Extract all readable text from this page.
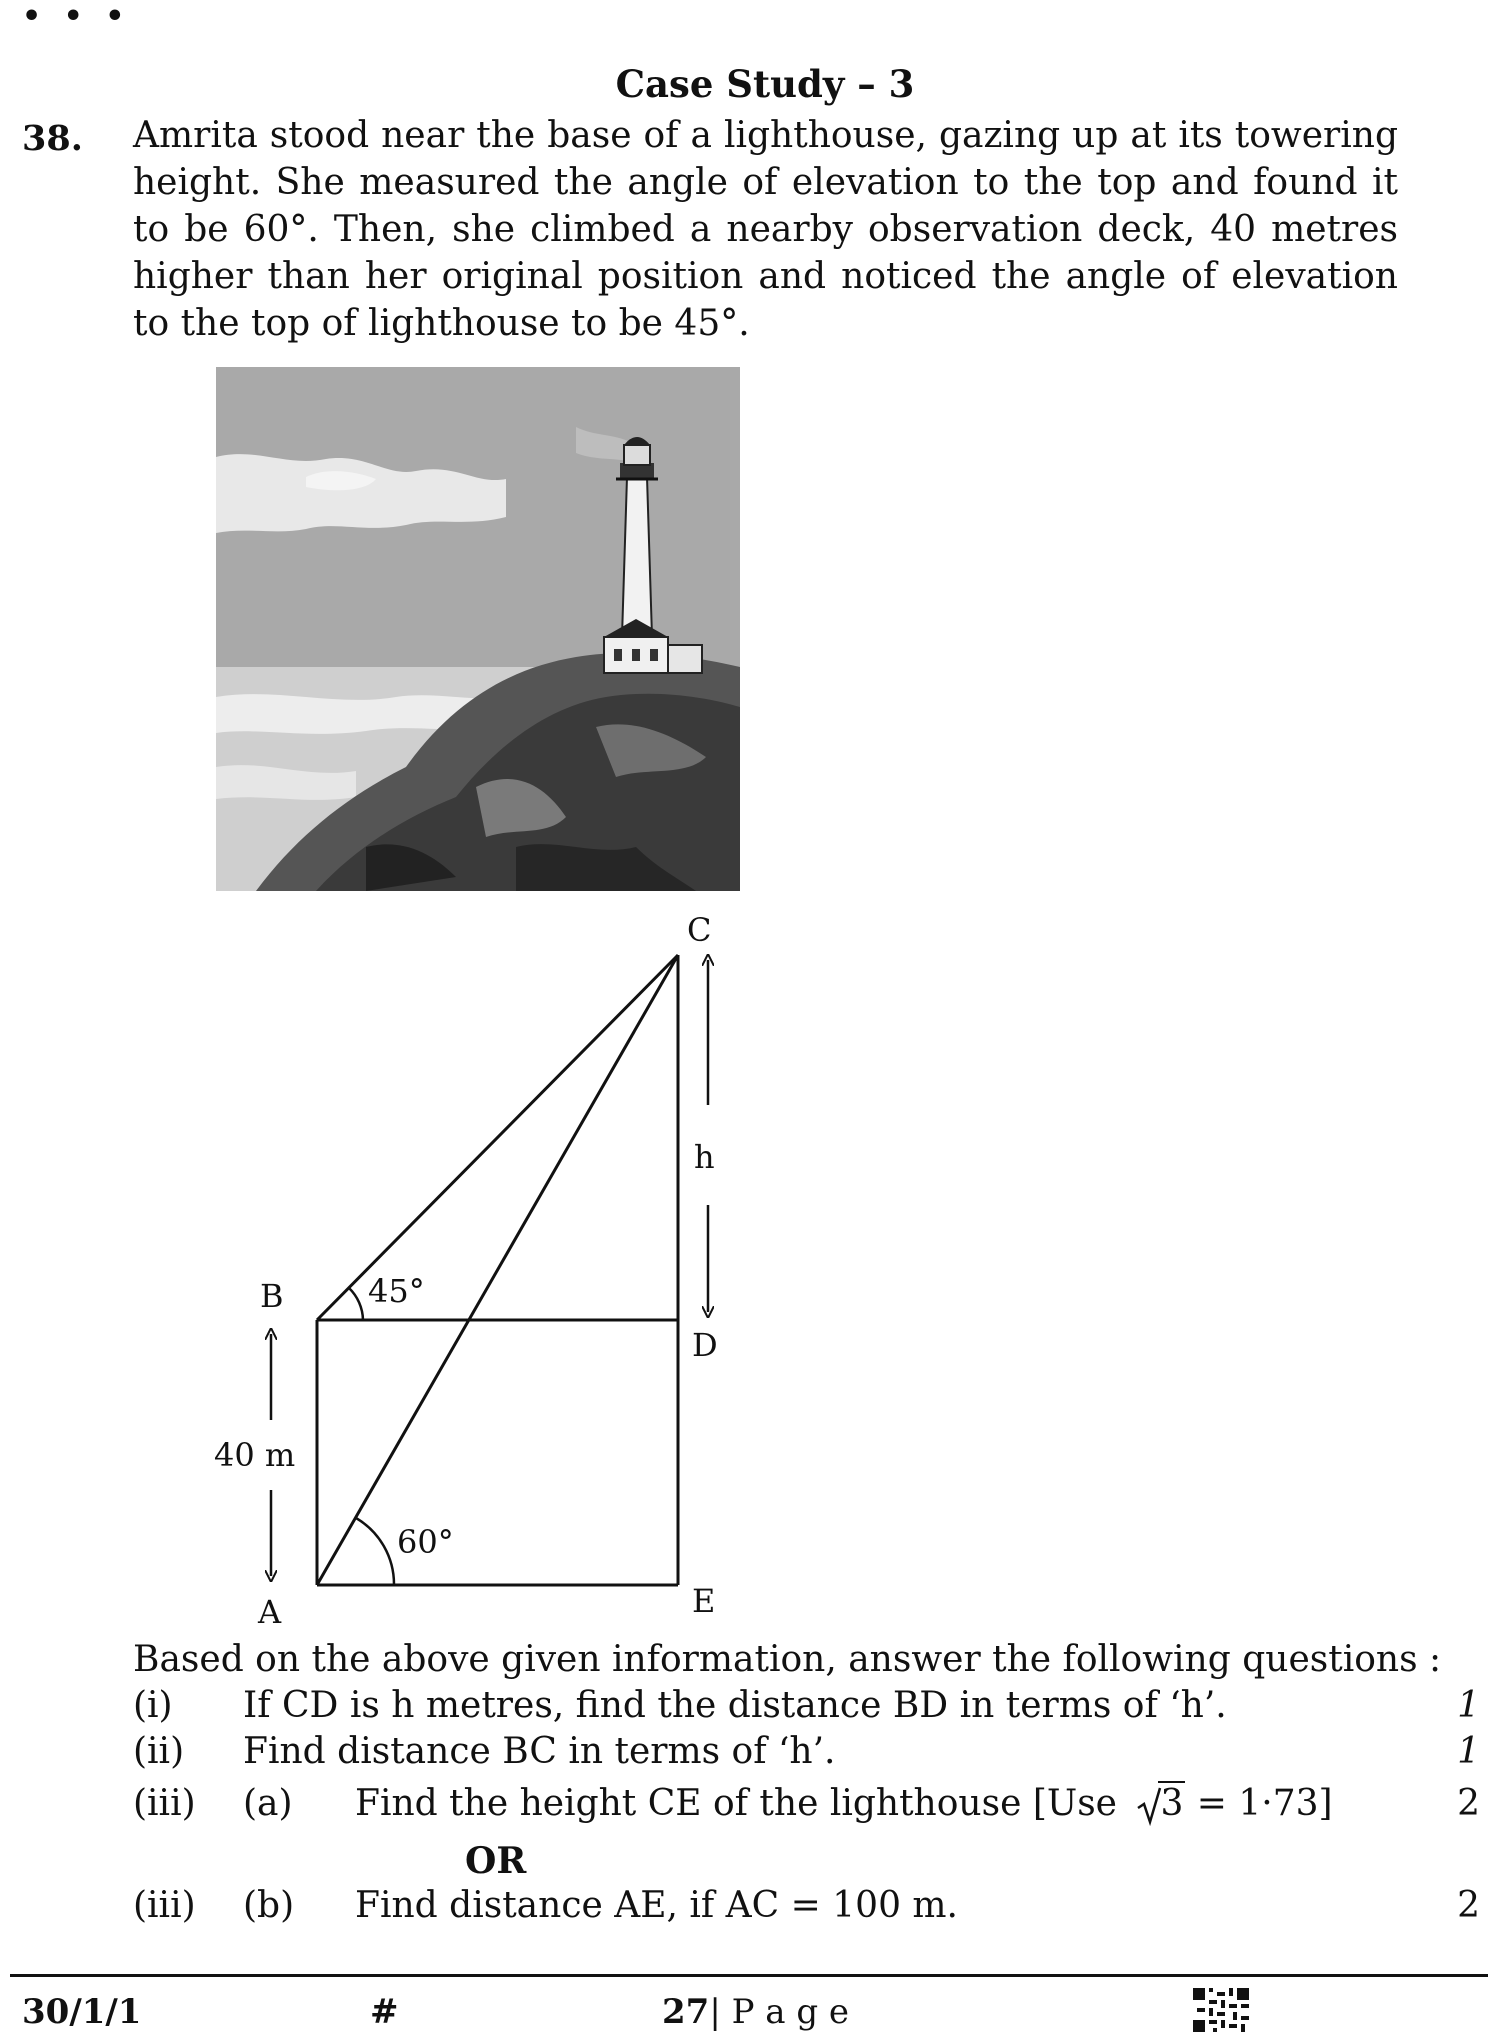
• • •
Case Study – 3
38. Amrita stood near the base of a lighthouse, gazing up at its towering height. She measured the angle of elevation to the top and found it to be 60°. Then, she climbed a nearby observation deck, 40 metres higher than her original position and noticed the angle of elevation to the top of lighthouse to be 45°.
C
h
D
E
B
A
40 m
45°
60°
Based on the above given information, answer the following questions :
(i) If CD is h metres, find the distance BD in terms of ‘h’.	1
(ii) Find distance BC in terms of ‘h’.	1
(iii) (a) Find the height CE of the lighthouse [Use 3 = 1·73]	2
OR
(iii) (b) Find distance AE, if AC = 100 m.	2
30/1/1	#	27| P a g e
